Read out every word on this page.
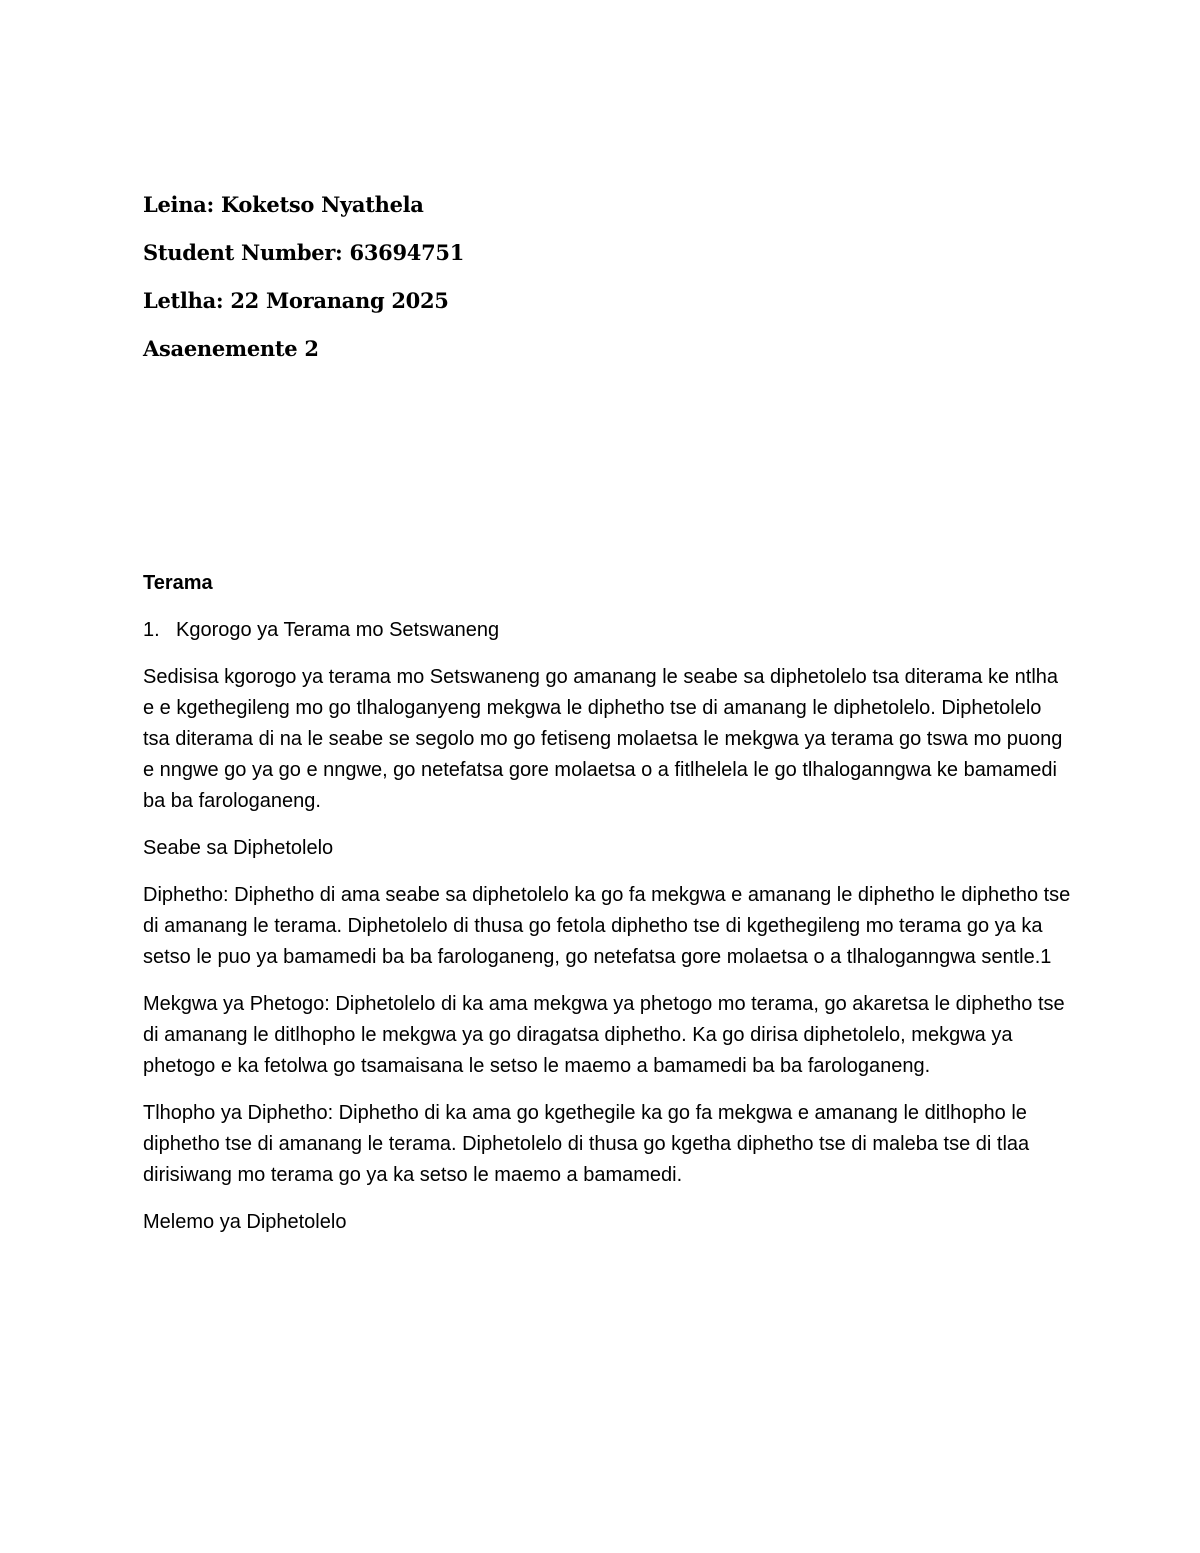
Leina: Koketso Nyathela
Student Number: 63694751
Letlha: 22 Moranang 2025
Asaenemente 2
Terama
1. Kgorogo ya Terama mo Setswaneng
Sedisisa kgorogo ya terama mo Setswaneng go amanang le seabe sa diphetolelo tsa diterama ke ntlha e e kgethegileng mo go tlhaloganyeng mekgwa le diphetho tse di amanang le diphetolelo. Diphetolelo tsa diterama di na le seabe se segolo mo go fetiseng molaetsa le mekgwa ya terama go tswa mo puong e nngwe go ya go e nngwe, go netefatsa gore molaetsa o a fitlhelela le go tlhaloganngwa ke bamamedi ba ba farologaneng.
Seabe sa Diphetolelo
Diphetho: Diphetho di ama seabe sa diphetolelo ka go fa mekgwa e amanang le diphetho le diphetho tse di amanang le terama. Diphetolelo di thusa go fetola diphetho tse di kgethegileng mo terama go ya ka setso le puo ya bamamedi ba ba farologaneng, go netefatsa gore molaetsa o a tlhaloganngwa sentle.1
Mekgwa ya Phetogo: Diphetolelo di ka ama mekgwa ya phetogo mo terama, go akaretsa le diphetho tse di amanang le ditlhopho le mekgwa ya go diragatsa diphetho. Ka go dirisa diphetolelo, mekgwa ya phetogo e ka fetolwa go tsamaisana le setso le maemo a bamamedi ba ba farologaneng.
Tlhopho ya Diphetho: Diphetho di ka ama go kgethegile ka go fa mekgwa e amanang le ditlhopho le diphetho tse di amanang le terama. Diphetolelo di thusa go kgetha diphetho tse di maleba tse di tlaa dirisiwang mo terama go ya ka setso le maemo a bamamedi.
Melemo ya Diphetolelo
